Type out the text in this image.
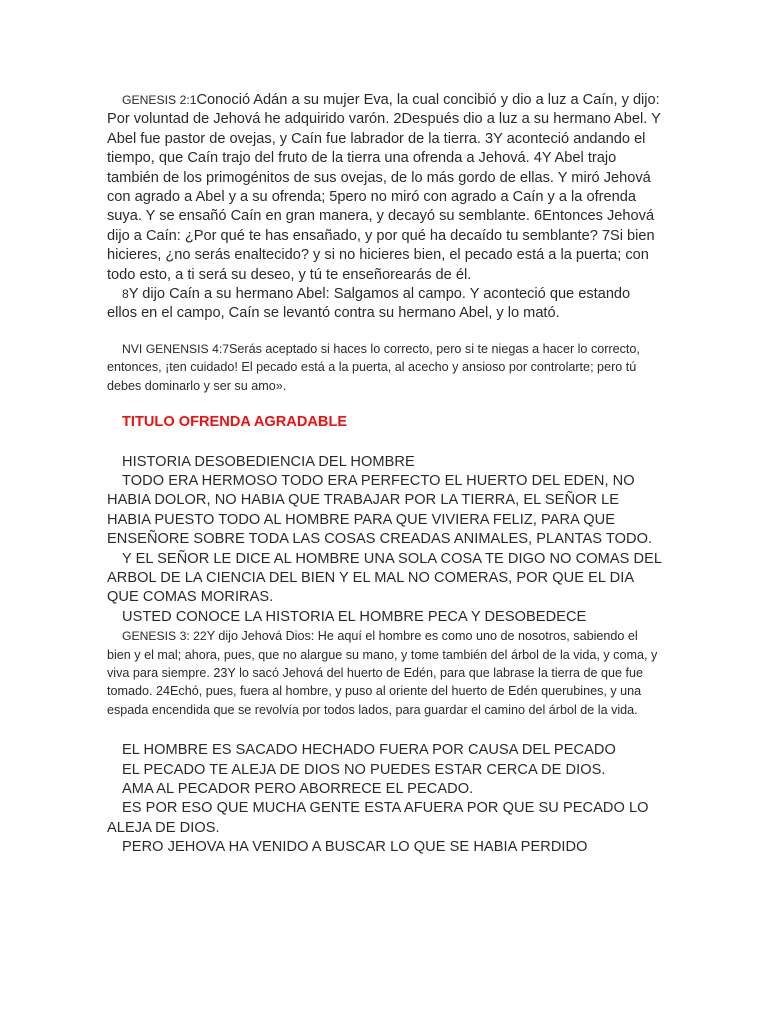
GENESIS 2:1Conoció Adán a su mujer Eva, la cual concibió y dio a luz a Caín, y dijo: Por voluntad de Jehová he adquirido varón. 2Después dio a luz a su hermano Abel. Y Abel fue pastor de ovejas, y Caín fue labrador de la tierra. 3Y aconteció andando el tiempo, que Caín trajo del fruto de la tierra una ofrenda a Jehová. 4Y Abel trajo también de los primogénitos de sus ovejas, de lo más gordo de ellas. Y miró Jehová con agrado a Abel y a su ofrenda; 5pero no miró con agrado a Caín y a la ofrenda suya. Y se ensañó Caín en gran manera, y decayó su semblante. 6Entonces Jehová dijo a Caín: ¿Por qué te has ensañado, y por qué ha decaído tu semblante? 7Si bien hicieres, ¿no serás enaltecido? y si no hicieres bien, el pecado está a la puerta; con todo esto, a ti será su deseo, y tú te enseñorearás de él.

8Y dijo Caín a su hermano Abel: Salgamos al campo. Y aconteció que estando ellos en el campo, Caín se levantó contra su hermano Abel, y lo mató.

NVI GENENSIS 4:7Serás aceptado si haces lo correcto, pero si te niegas a hacer lo correcto, entonces, ¡ten cuidado! El pecado está a la puerta, al acecho y ansioso por controlarte; pero tú debes dominarlo y ser su amo».

TITULO OFRENDA AGRADABLE

HISTORIA DESOBEDIENCIA DEL HOMBRE

TODO ERA HERMOSO TODO ERA PERFECTO EL HUERTO DEL EDEN, NO HABIA DOLOR, NO HABIA QUE TRABAJAR POR LA TIERRA, EL SEÑOR LE HABIA PUESTO TODO AL HOMBRE PARA QUE VIVIERA FELIZ, PARA QUE ENSEÑORE SOBRE TODA LAS COSAS CREADAS ANIMALES, PLANTAS TODO.

Y EL SEÑOR LE DICE AL HOMBRE UNA SOLA COSA TE DIGO NO COMAS DEL ARBOL DE LA CIENCIA DEL BIEN Y EL MAL NO COMERAS, POR QUE EL DIA QUE COMAS MORIRAS.

USTED CONOCE LA HISTORIA EL HOMBRE PECA Y DESOBEDECE

GENESIS 3: 22Y dijo Jehová Dios: He aquí el hombre es como uno de nosotros, sabiendo el bien y el mal; ahora, pues, que no alargue su mano, y tome también del árbol de la vida, y coma, y viva para siempre. 23Y lo sacó Jehová del huerto de Edén, para que labrase la tierra de que fue tomado. 24Echó, pues, fuera al hombre, y puso al oriente del huerto de Edén querubines, y una espada encendida que se revolvía por todos lados, para guardar el camino del árbol de la vida.

EL HOMBRE ES SACADO HECHADO FUERA POR CAUSA DEL PECADO

EL PECADO TE ALEJA DE DIOS NO PUEDES ESTAR CERCA DE DIOS.

AMA AL PECADOR PERO ABORRECE EL PECADO.

ES POR ESO QUE MUCHA GENTE ESTA AFUERA POR QUE SU PECADO LO ALEJA DE DIOS.

PERO JEHOVA HA VENIDO A BUSCAR LO QUE SE HABIA PERDIDO
